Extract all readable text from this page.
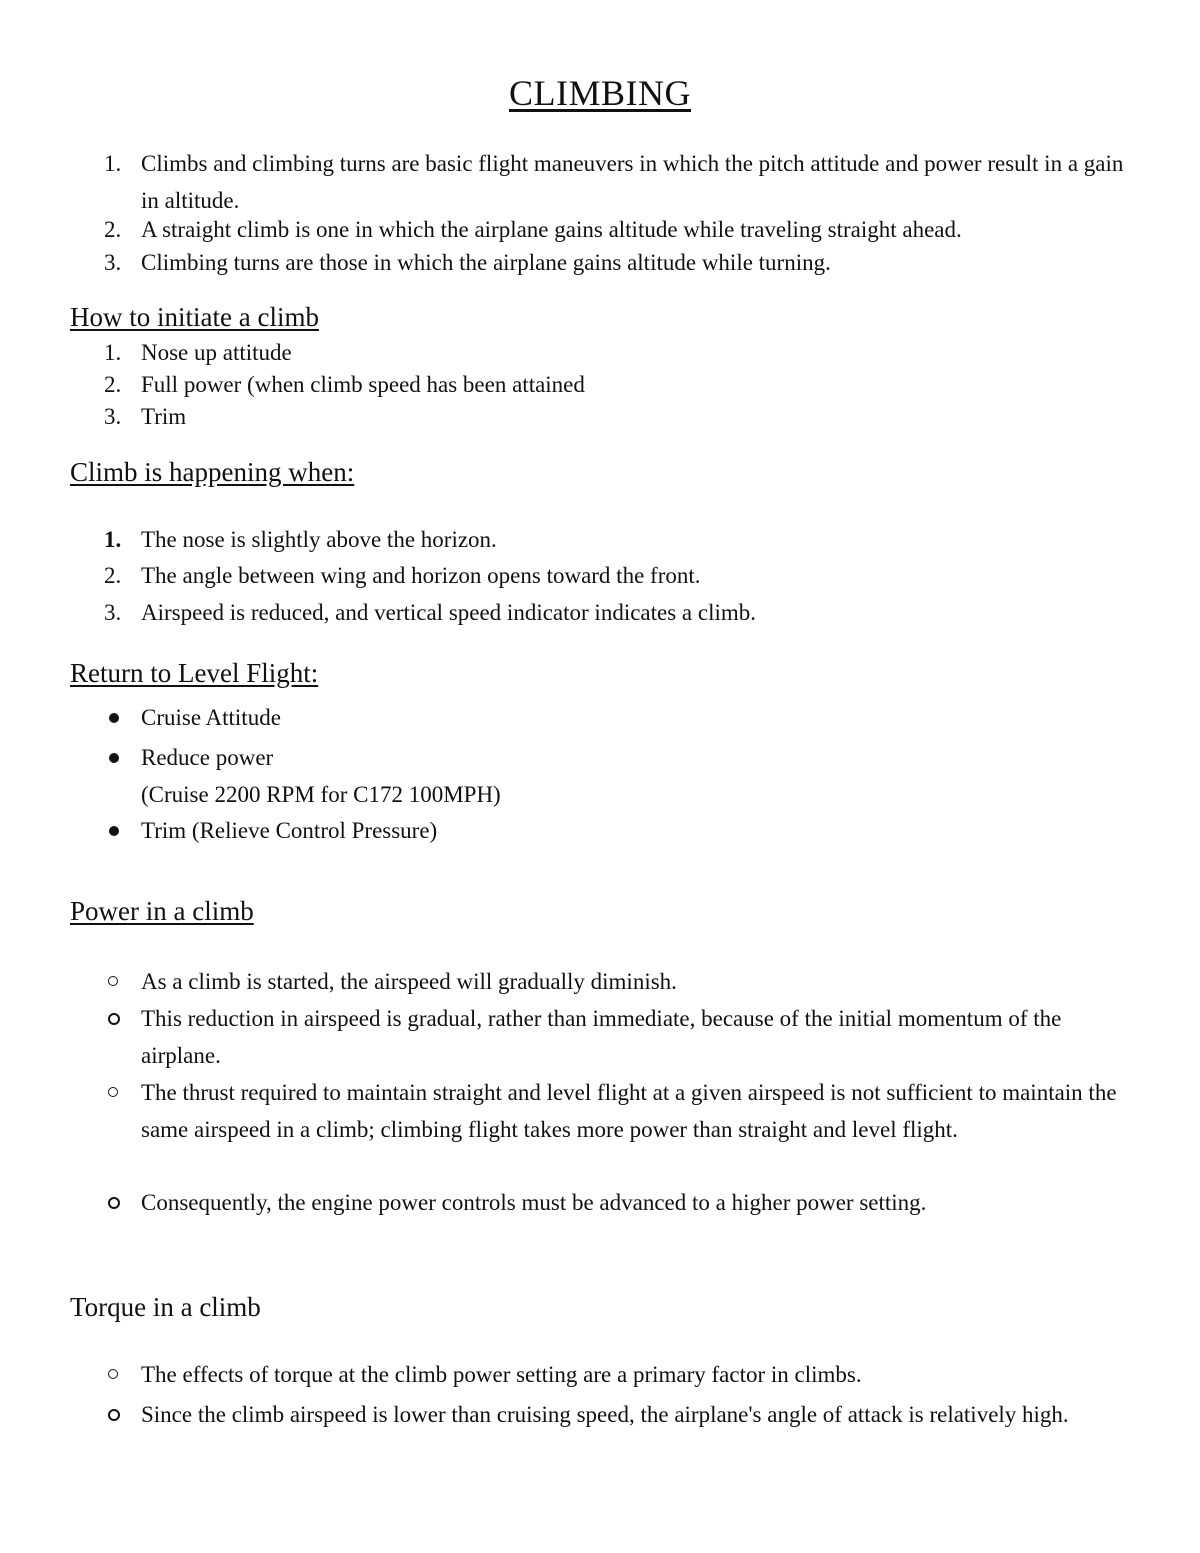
CLIMBING
1. Climbs and climbing turns are basic flight maneuvers in which the pitch attitude and power result in a gain in altitude.
2. A straight climb is one in which the airplane gains altitude while traveling straight ahead.
3. Climbing turns are those in which the airplane gains altitude while turning.
How to initiate a climb
1. Nose up attitude
2. Full power (when climb speed has been attained
3. Trim
Climb is happening when:
1. The nose is slightly above the horizon.
2. The angle between wing and horizon opens toward the front.
3. Airspeed is reduced, and vertical speed indicator indicates a climb.
Return to Level Flight:
Cruise Attitude
Reduce power
(Cruise 2200 RPM for C172 100MPH)
Trim (Relieve Control Pressure)
Power in a climb
As a climb is started, the airspeed will gradually diminish.
This reduction in airspeed is gradual, rather than immediate, because of the initial momentum of the airplane.
The thrust required to maintain straight and level flight at a given airspeed is not sufficient to maintain the same airspeed in a climb; climbing flight takes more power than straight and level flight.
Consequently, the engine power controls must be advanced to a higher power setting.
Torque in a climb
The effects of torque at the climb power setting are a primary factor in climbs.
Since the climb airspeed is lower than cruising speed, the airplane's angle of attack is relatively high.
